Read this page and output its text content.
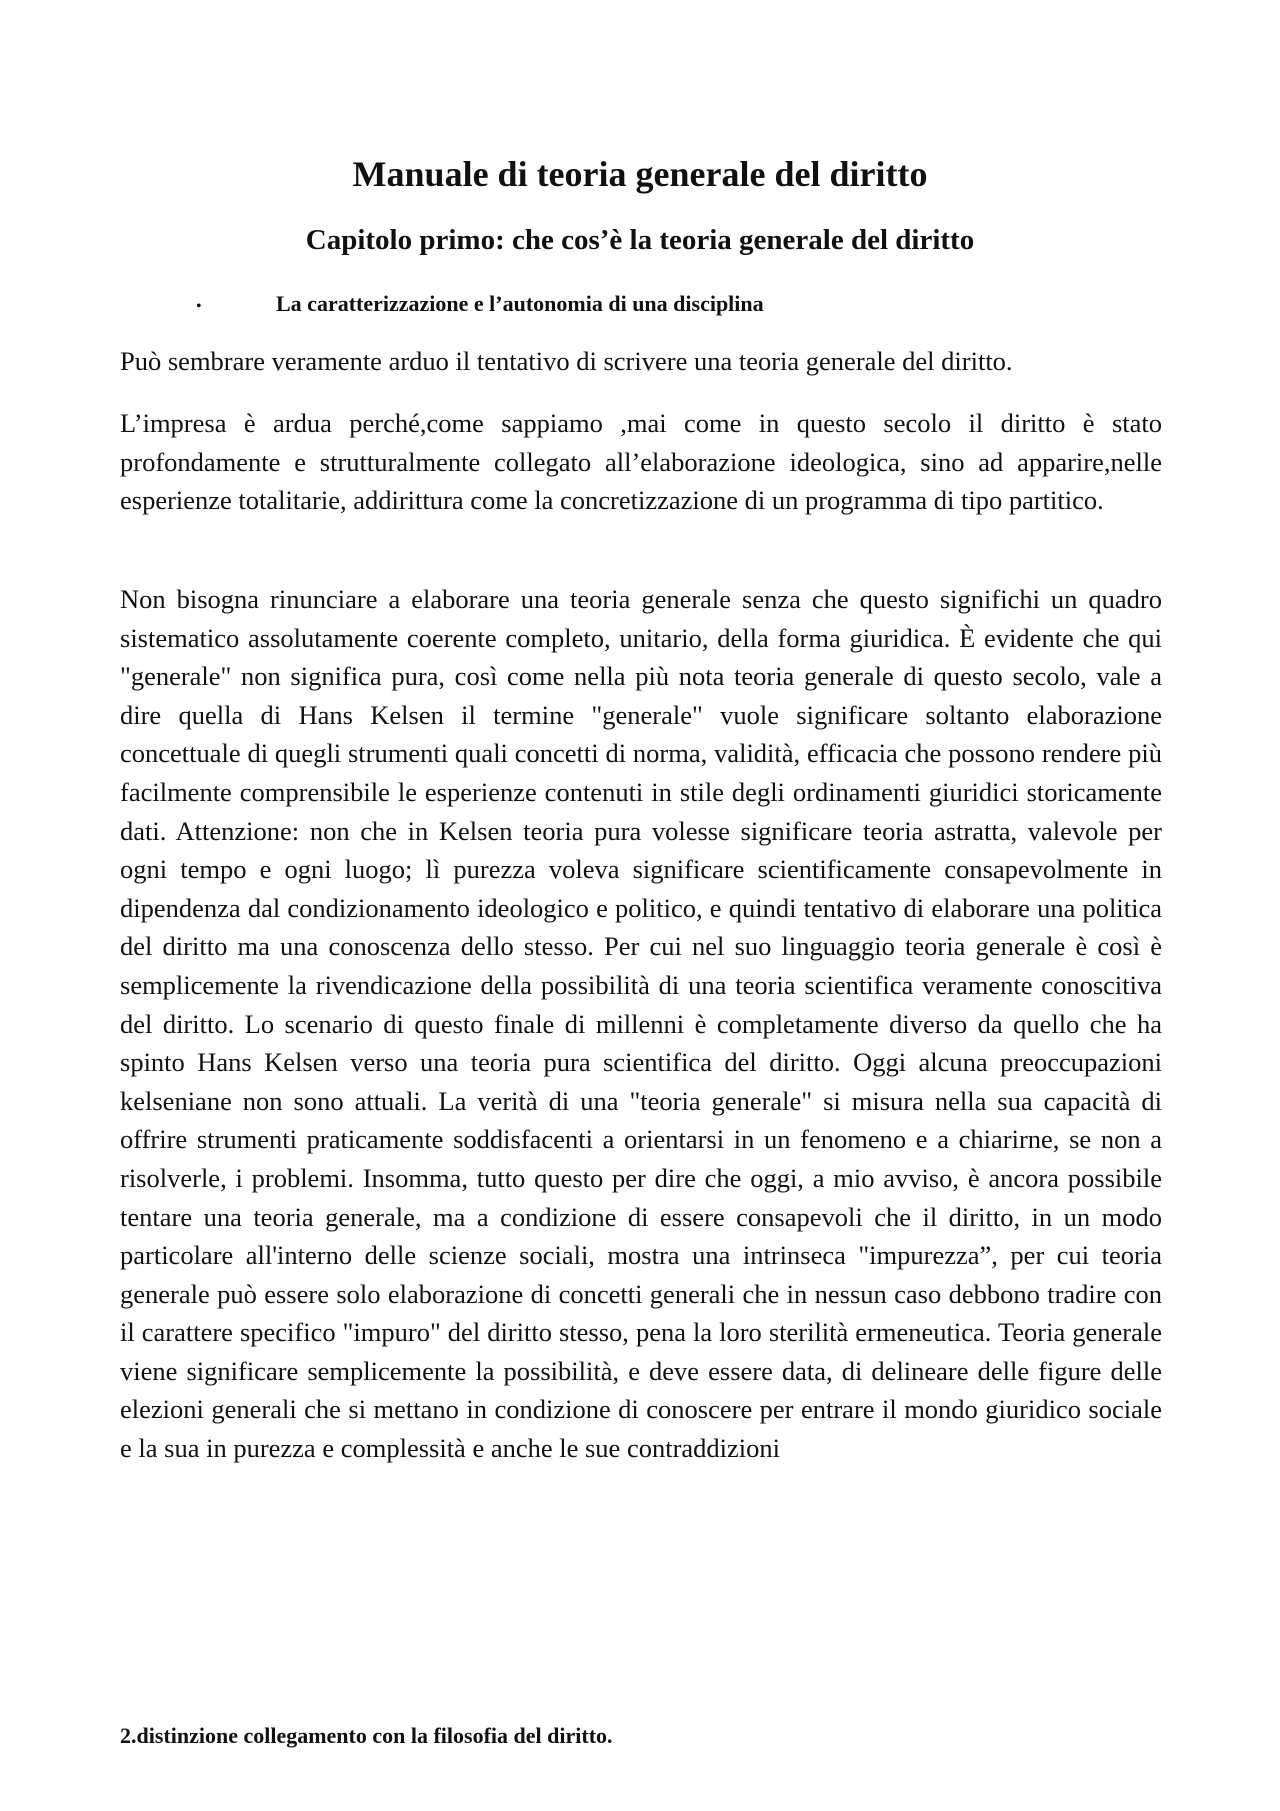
Manuale di teoria generale del diritto
Capitolo primo: che cos’è la teoria generale del diritto
•	La caratterizzazione e l’autonomia di una disciplina

Può sembrare veramente arduo il tentativo di scrivere una teoria generale del diritto.

L’impresa è ardua perché,come sappiamo ,mai come in questo secolo il diritto è stato profondamente e strutturalmente collegato all’elaborazione ideologica, sino ad apparire,nelle esperienze totalitarie, addirittura come la concretizzazione di un programma di tipo partitico.

Non bisogna rinunciare a elaborare una teoria generale senza che questo significhi un quadro sistematico assolutamente coerente completo, unitario, della forma giuridica. È evidente che qui "generale" non significa pura, così come nella più nota teoria generale di questo secolo, vale a dire quella di Hans Kelsen il termine "generale" vuole significare soltanto elaborazione concettuale di quegli strumenti quali concetti di norma, validità, efficacia che possono rendere più facilmente comprensibile le esperienze contenuti in stile degli ordinamenti giuridici storicamente dati. Attenzione: non che in Kelsen teoria pura volesse significare teoria astratta, valevole per ogni tempo e ogni luogo; lì purezza voleva significare scientificamente consapevolmente in dipendenza dal condizionamento ideologico e politico, e quindi tentativo di elaborare una politica del diritto ma una conoscenza dello stesso. Per cui nel suo linguaggio teoria generale è così è semplicemente la rivendicazione della possibilità di una teoria scientifica veramente conoscitiva del diritto. Lo scenario di questo finale di millenni è completamente diverso da quello che ha spinto Hans Kelsen verso una teoria pura scientifica del diritto. Oggi alcuna preoccupazioni kelseniane non sono attuali. La verità di una "teoria generale" si misura nella sua capacità di offrire strumenti praticamente soddisfacenti a orientarsi in un fenomeno e a chiarirne, se non a risolverle, i problemi. Insomma, tutto questo per dire che oggi, a mio avviso, è ancora possibile tentare una teoria generale, ma a condizione di essere consapevoli che il diritto, in un modo particolare all'interno delle scienze sociali, mostra una intrinseca "impurezza”, per cui teoria generale può essere solo elaborazione di concetti generali che in nessun caso debbono tradire con il carattere specifico "impuro" del diritto stesso, pena la loro sterilità ermeneutica. Teoria generale viene significare semplicemente la possibilità, e deve essere data, di delineare delle figure delle elezioni generali che si mettano in condizione di conoscere per entrare il mondo giuridico sociale e la sua in purezza e complessità e anche le sue contraddizioni

2.distinzione collegamento con la filosofia del diritto.
